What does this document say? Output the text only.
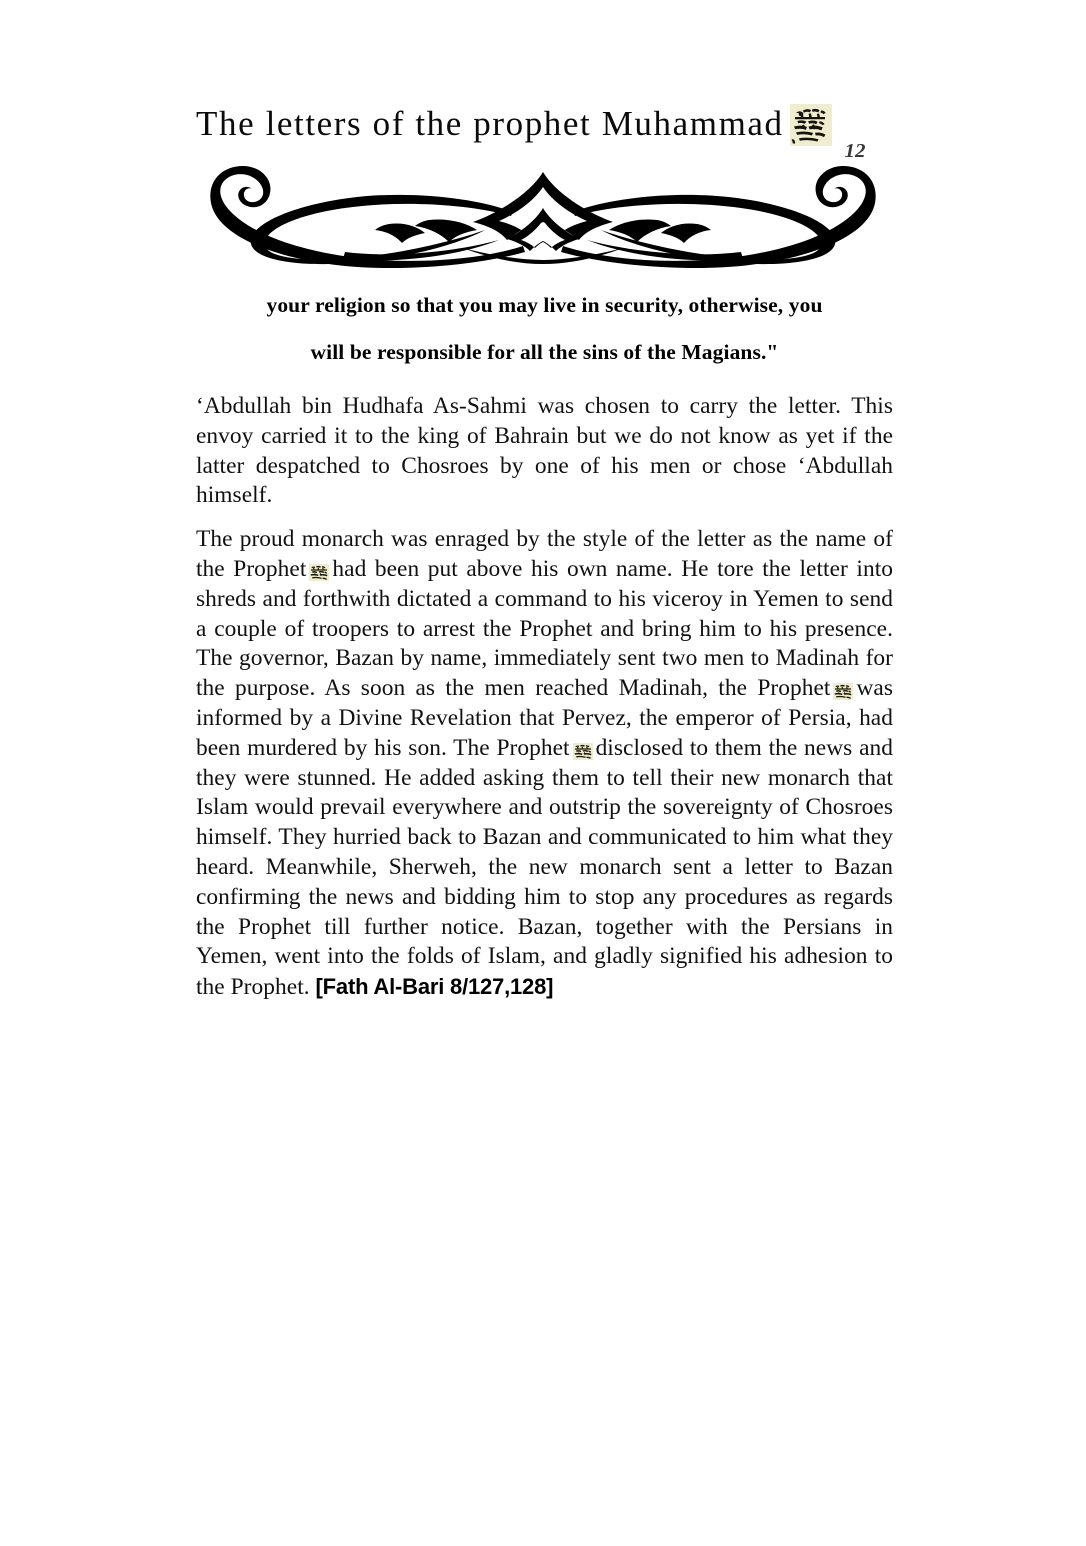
The letters of the prophet Muhammad
12
your religion so that you may live in security, otherwise, you
will be responsible for all the sins of the Magians."

‘Abdullah bin Hudhafa As-Sahmi was chosen to carry the letter. This envoy carried it to the king of Bahrain but we do not know as yet if the latter despatched to Chosroes by one of his men or chose ‘Abdullah himself.

The proud monarch was enraged by the style of the letter as the name of the Prophet had been put above his own name. He tore the letter into shreds and forthwith dictated a command to his viceroy in Yemen to send a couple of troopers to arrest the Prophet and bring him to his presence. The governor, Bazan by name, immediately sent two men to Madinah for the purpose. As soon as the men reached Madinah, the Prophet was informed by a Divine Revelation that Pervez, the emperor of Persia, had been murdered by his son. The Prophet disclosed to them the news and they were stunned. He added asking them to tell their new monarch that Islam would prevail everywhere and outstrip the sovereignty of Chosroes himself. They hurried back to Bazan and communicated to him what they heard. Meanwhile, Sherweh, the new monarch sent a letter to Bazan confirming the news and bidding him to stop any procedures as regards the Prophet till further notice. Bazan, together with the Persians in Yemen, went into the folds of Islam, and gladly signified his adhesion to the Prophet. [Fath Al-Bari 8/127,128]
